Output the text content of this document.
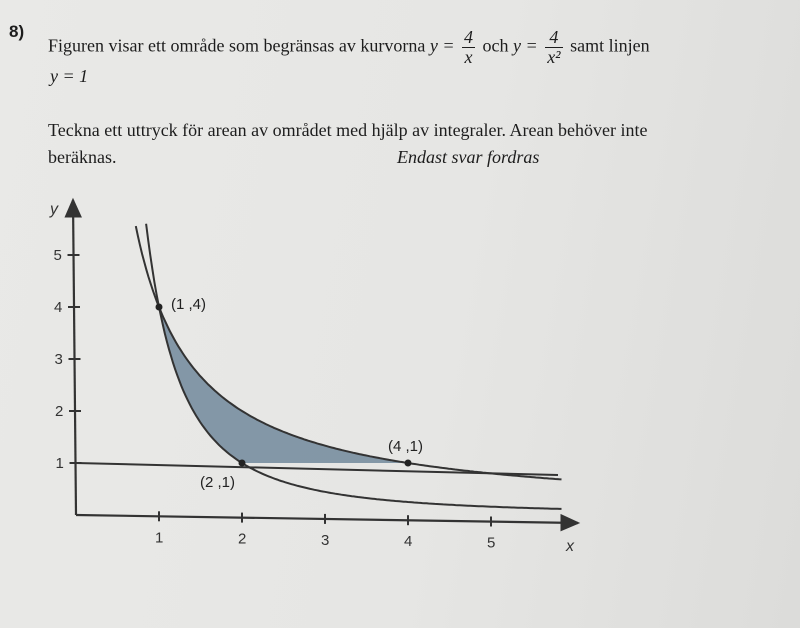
8)
Figuren visar ett område som begränsas av kurvorna $y = \frac{4}{x}$ och $y = \frac{4}{\text{x²}}$ samt linjen
y = 1
Teckna ett uttryck för arean av området med hjälp av integraler. Arean behöver inte
beräknas.	Endast svar fordras
1	2	3	4	5
1
2
3
4
5
(1 ,4)
(2 ,1)
(4 ,1)
y
x
